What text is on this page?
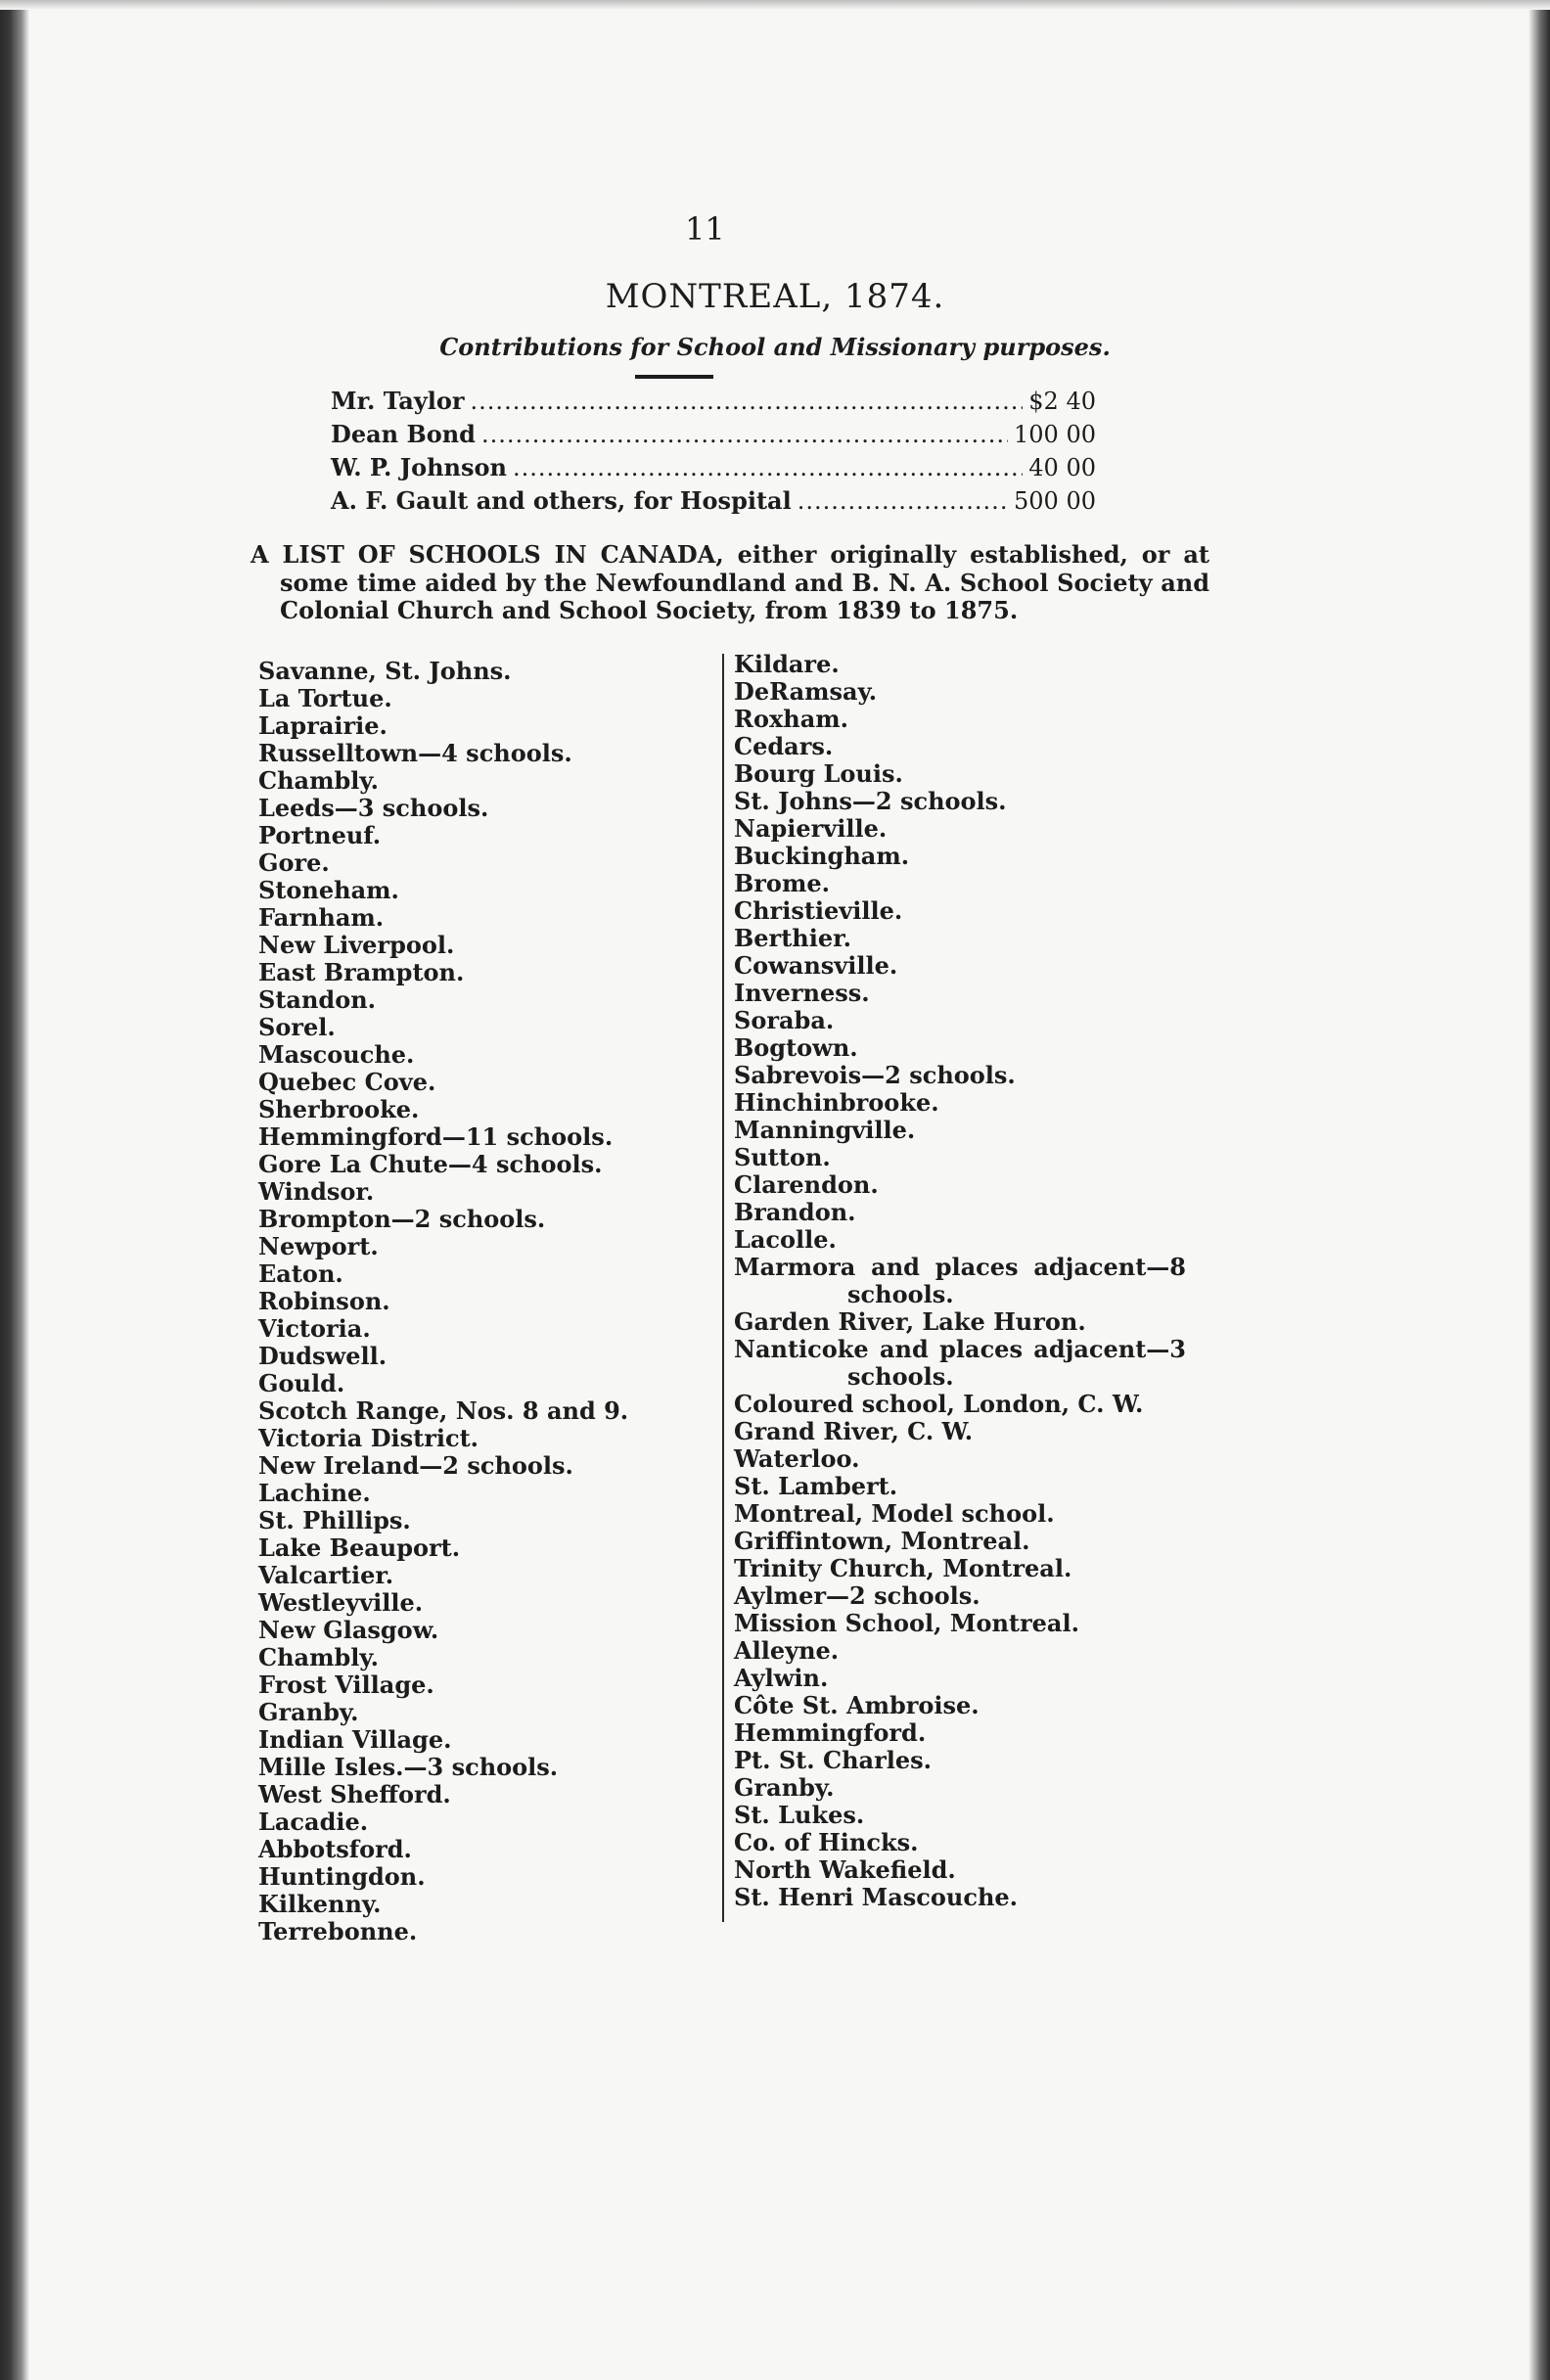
11
MONTREAL, 1874.
Contributions for School and Missionary purposes.
Mr. Taylor .....	$2 40
Dean Bond .....	100 00
W. P. Johnson .....	40 00
A. F. Gault and others, for Hospital .....	500 00
A LIST OF SCHOOLS IN CANADA, either originally established, or at some time aided by the Newfoundland and B. N. A. School Society and Colonial Church and School Society, from 1839 to 1875.
Savanne, St. Johns.
La Tortue.
Laprairie.
Russelltown—4 schools.
Chambly.
Leeds—3 schools.
Portneuf.
Gore.
Stoneham.
Farnham.
New Liverpool.
East Brampton.
Standon.
Sorel.
Mascouche.
Quebec Cove.
Sherbrooke.
Hemmingford—11 schools.
Gore La Chute—4 schools.
Windsor.
Brompton—2 schools.
Newport.
Eaton.
Robinson.
Victoria.
Dudswell.
Gould.
Scotch Range, Nos. 8 and 9.
Victoria District.
New Ireland—2 schools.
Lachine.
St. Phillips.
Lake Beauport.
Valcartier.
Westleyville.
New Glasgow.
Chambly.
Frost Village.
Granby.
Indian Village.
Mille Isles.—3 schools.
West Shefford.
Lacadie.
Abbotsford.
Huntingdon.
Kilkenny.
Terrebonne.
Kildare.
DeRamsay.
Roxham.
Cedars.
Bourg Louis.
St. Johns—2 schools.
Napierville.
Buckingham.
Brome.
Christieville.
Berthier.
Cowansville.
Inverness.
Soraba.
Bogtown.
Sabrevois—2 schools.
Hinchinbrooke.
Manningville.
Sutton.
Clarendon.
Brandon.
Lacolle.
Marmora and places adjacent—8
schools.
Garden River, Lake Huron.
Nanticoke and places adjacent—3
schools.
Coloured school, London, C. W.
Grand River, C. W.
Waterloo.
St. Lambert.
Montreal, Model school.
Griffintown, Montreal.
Trinity Church, Montreal.
Aylmer—2 schools.
Mission School, Montreal.
Alleyne.
Aylwin.
Côte St. Ambroise.
Hemmingford.
Pt. St. Charles.
Granby.
St. Lukes.
Co. of Hincks.
North Wakefield.
St. Henri Mascouche.
